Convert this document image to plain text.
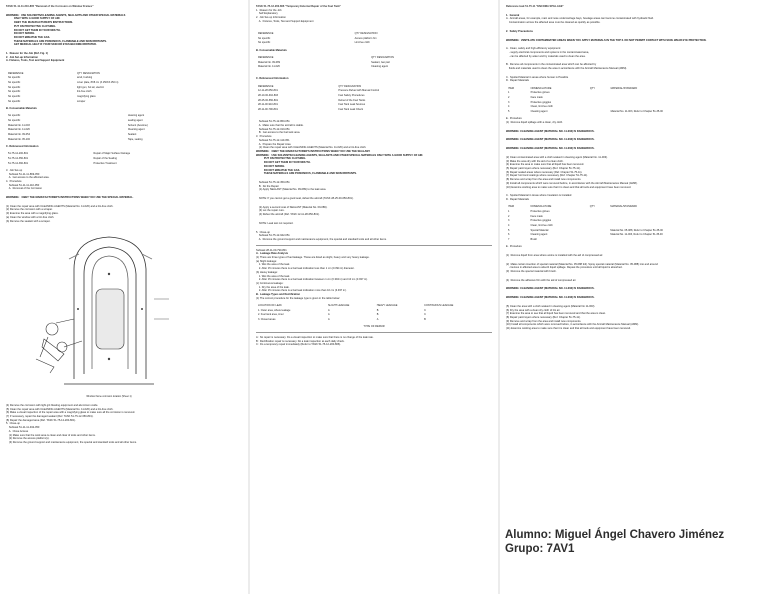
TASK 51-11-11-210-805 "Removal of the Corrosion on Window Frames"
WARNING:  USE SOLVENTS/CLEANING AGENTS, SEALANTS AND OTHER SPECIAL MATERIALS
ONLY WITH A GOOD SUPPLY OF AIR.
OBEY THE MANUFACTURER'S INSTRUCTIONS.
PUT ON PROTECTIVE CLOTHING.
DO NOT GET THEM IN YOUR MOUTH.
DO NOT SMOKE.
DO NOT BREATHE THE GAS.
THESE MATERIALS ARE POISONOUS, FLAMMABLE AND SKIN IRRITANTS.
GET MEDICAL HELP IF YOUR SKIN OR EYES BECOME IRRITATED.
1.  Reason for the Job (Ref. Fig. 1)
2.  Job Set-up Information
A. Fixtures, Tools, Test and Support Equipment
REFERENCE	QTY DESIGNATION
No specific	anvil, bucking
No specific	cover plate, 8X8 cm (3.150X3.150 in)
No specific	light gun, hot air, electric
No specific	lint-free cloth
No specific	magnifying glass
No specific	scraper
B. Consumable Materials
No specific	cleaning agent
No specific	sealing agent
Material No. 11-003	Solvent (Acetone)
Material No. 11-026	Cleaning agent
Material No. 09-054	Sealant
Material No. 05-100	Tape, sealing
C. Referenced Information
51-75-12-200-801	Repair of Major Surface Damage
51-75-12-350-801	Repair of the Sealing
51-75-12-360-801	Protective Treatment
3.  Job Set-up
Subtask 51-11-11-869-050
A.  Get access to the affected area.
4.  Procedure
Subtask 51-11-11-110-050
A.  Removal of the Corrosion
WARNING:   OBEY THE MANUFACTURER'S INSTRUCTIONS WHEN YOU USE THE SPECIAL MATERIAL.
(1) Clean the repair area with CLEANING AGENTS (Material No. 11-026) and a lint-free cloth.
(2) Remove the corrosion with a scraper.
(3) Examine the area with a magnifying glass.
(a) Clean the window with a lint-free cloth.
(b) Remove the sealant with a scraper.
Window frame corrosion location (Sheet 1)
(4) Remove the corrosion with light grit blasting equipment and aluminium oxide.
(5) Clean the repair area with CLEANING AGENTS (Material No. 11-026) and a lint-free cloth.
(6) Make a visual inspection of the repair area with a magnifying glass to make sure all the corrosion is removed.
(7) If necessary, repair the damaged sealant (Ref. TASK 51-75-12-350-801).
(8) Repair the damaged area (Ref. TASK 51-75-12-200-801).
5.  Close-up
Subtask 51-11-11-942-050
A.  Close Access
(1) Make sure that the work area is clean and clear of tools and other items.
(2) Remove the access platform(s).
(3) Remove the ground support and maintenance equipment, the special and standard tools and all other items.
TASK 51-75-12-200-806 "Temporary External Repair of the Fuel Tank"
1.  Reason for the Job
Self Explanatory
2.  Job Set-up Information
A.  Fixtures, Tools, Test and Support Equipment
REFERENCE	QTY DESIGNATION
No specific	Access platform 3m
No specific	Lint-free cloth
B. Consumable Materials
REFERENCE	QTY DESIGNATION
Material No. 09-089	Sealant, two part
Material No. 11-026	Cleaning agent
C. Referenced Information
REFERENCE	QTY DESIGNATION
12-11-28-650-801	Pressure Refuel with Manual Control
28-10-00-910-803	Fuel Safety Procedures
28-25-00-650-801	Defuel of the Fuel Tanks
28-11-00-910-801	Fuel Tank Leak Sources
28-11-00-790-801	Fuel Tank Leak Check
Subtask 51-75-12-860-051
A.  Make sure that the aircraft is stable.
Subtask 51-75-12-010-051
B.  Get access to the fuel tank area.
3.  Procedure
Subtask 51-75-12-110-051
A.  Prepare the Repair Area
(1) Clean the repair area with CLEANING AGENTS (Material No. 11-026) and a lint-free cloth.
WARNING:   OBEY THE MANUFACTURER'S INSTRUCTIONS WHEN YOU USE THE SEALANT.
WARNING:   USE SOLVENTS/CLEANING AGENTS, SEALANTS AND OTHER SPECIAL MATERIALS ONLY WITH A GOOD SUPPLY OF AIR.
PUT ON PROTECTIVE CLOTHING.
DO NOT GET THEM IN YOUR MOUTH.
DO NOT SMOKE.
DO NOT BREATHE THE GAS.
THESE MATERIALS ARE POISONOUS, FLAMMABLE AND SKIN IRRITANTS.
Subtask 51-75-12-350-051
B.  Do the Repair
(1) Apply SEALANT (Material No. 09-089) to the leak area.
NOTE: If you cannot get a good seal, defuel the aircraft (TASK 28-25-00-650-801).
(2) Apply a second coat of SEALANT (Material No. 09-089).
(3) Let the repair cure.
(4) Refuel the aircraft (Ref. TASK 12-11-28-650-801).
NOTE: Leak test not required.
5.  Close-up
Subtask 51-75-12-942-051
A.  Remove the ground support and maintenance equipment, the special and standard tools and all other items.
Subtask 28-11-00-790-801
A.  Leakage Rate Analysis
(1) There are three types of fuel leakage. These are listed as slight, heavy and very heavy leakage.
(a) Slight leakage:
1. Wet the area of the leak.
2. After 15 minutes there is a fuel leak indication less than 1 cm (0.394 in) diameter.
(b) Heavy leakage:
1. Wet the area of the leak.
2. After 15 minutes there is a fuel leak indication between 1 cm (0.394 in) and 10 cm (3.937 in).
(c) Continuous leakage:
1. Dry the area of the leak.
2. After 15 minutes there is a fuel leak indication more than 10 cm (3.937 in).
B.  Leakage Types and Rectification
(1) The correct procedure for the leakage type is given in the table below:
LOCATION OF LEAK	SLIGHT LEAKAGE	HEAVY LEAKAGE	CONTINUOUS LEAKAGE
1. Outer area, where leakage	A	B	C
2. Fuel tank area, inner	A	B	C
3. Closed areas	A	A	B
TYPE OF REPAIR
A:  No repair is necessary. Do a visual inspection to make sure that there is no change of the leak rate.
B:  Rectification repair is necessary. Do a leak inspection at each daily check.
C:  Do a temporary repair immediately (Refer to TASK 51-75-12-200-806).
Reference task 51-75-11 "ENCOMA SPILLAGE"
1.  General
A.  Aircraft areas, for example, main and nose undercarriage bays, fuselage areas can become contaminated with hydraulic fluid.
Contamination across the affected area must be cleaned as quickly as possible.
2.  Safety Precautions
WARNING:  VENTILATE CONTAMINATED AREAS WHEN YOU APPLY MATERIALS IN THE TOP 6. DO NOT PERMIT CONTACT WITH SKIN. WEAR EYE PROTECTION.
A.  Clean, safety and high-efficiency equipment:
- supply electrical components and systems in the contaminated area,
- can be affected by water and by materials used to clean the area.
B.  Remove all components in the contaminated area which can be affected by
fluids and materials used to clean the area in accordance with the Aircraft Maintenance Manual (AMM).
C.  Spoiled Material in areas where human is Possible
D.  Repair Materials
ITEM	NOMENCLATURE	QTY	MATERIAL/STANDARD
1	Protective gloves		
2	Face mask		
3	Protective goggles		
4	Clean, lint-free cloth		
5	Cleaning agent		Material No. 11-003, Refer to Chapter 51-35-00
E.  Procedure
(1)  Remove liquid spillage with a clean, dry cloth.
WARNING: CLEANING AGENT (MATERIAL NO. 11-003) IS DANGEROUS.
WARNING: CLEANING AGENT (MATERIAL NO. 11-003) IS DANGEROUS.
WARNING: CLEANING AGENT (MATERIAL NO. 11-003) IS DANGEROUS.
(2) Clean contaminated area with a cloth soaked in cleaning agent (Material No. 11-003).
(3) Make the area dry with the aid of a clean cloth.
(4) Examine the area to make sure that all liquid has been removed.
(5) Repair paint layers where necessary (Ref. Chapter 51-75-11).
(6) Repair sealed areas where necessary (Ref. Chapter 51-75-11).
(7) Repair hot bond coatings where necessary (Ref. Chapter 51-75-11).
(8) Remove and scrap from the area and install new components.
(9) Install all components which were removed before, in accordance with the Aircraft Maintenance Manual (AMM).
(10) Examine working area to make sure that it is clean and that all tools and equipment have been removed.
C.  Spoiled Material in Areas where Insulation is Installed
D.  Repair Materials
ITEM	NOMENCLATURE	QTY	MATERIAL/STANDARD
1	Protective gloves		
2	Face mask		
3	Protective goggles		
4	Clean, lint-free cloth		
5	Special Material		Material No. 05-088, Refer to Chapter 51-35-00
6	Cleaning agent		Material No. 11-003, Refer to Chapter 51-35-00
7	Brush		
E.  Procedure
(1)  Remove liquid from area where amine is installed with the aid of compressed air.
(2)  Make certain insertion of special material (Material No. 05-088 foil). Spray special material (Material No. 05-088) into and around
crevices in affected area to absorb liquid spillage. Repeat the procedure until all liquid is absorbed.
(3)  Remove the special material with brush.
(4)  Remove the adhesive film with the aid of compressed air.
WARNING: CLEANING AGENT (MATERIAL NO. 11-003) IS DANGEROUS.
WARNING: CLEANING AGENT (MATERIAL NO. 11-003) IS DANGEROUS.
(5) Clean the area with a cloth soaked in cleaning agent (Material No 11-003).
(6) Dry the area with a clean dry cloth of lint air.
(7) Examine the area to see that all liquid has been removed and that the area is clean.
(8) Repair paint layers where necessary (Ref. Chapter 51-75-11).
(9) Remove and scrap from the area and install new components.
(10) Install all components which were removed before, in accordance with the Aircraft Maintenance Manual (AMM).
(11) Examine working area to make sure that it is clean and that all tools and equipment have been removed.
Alumno: Miguel Ángel Chavero Jiménez
Grupo: 7AV1
